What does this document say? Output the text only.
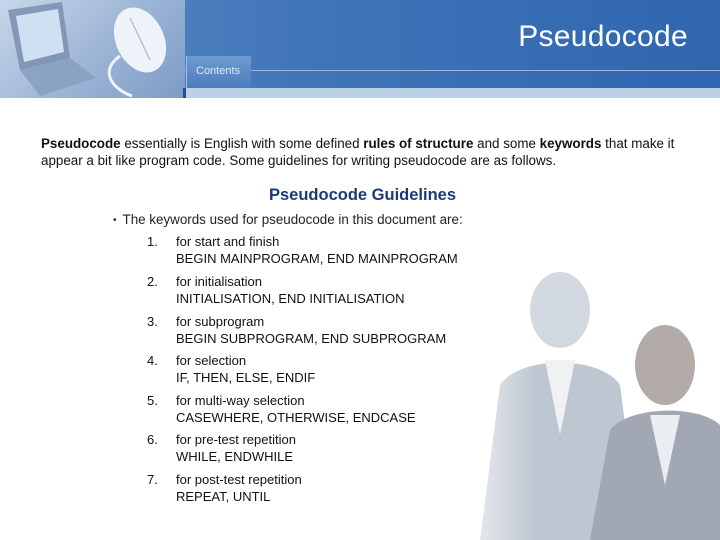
Contents
Pseudocode
Pseudocode essentially is English with some defined rules of structure and some keywords that make it appear a bit like program code. Some guidelines for writing pseudocode are as follows.
Pseudocode Guidelines
• The keywords used for pseudocode in this document are:
1.	for start and finish
BEGIN MAINPROGRAM, END MAINPROGRAM
2.	for initialisation
INITIALISATION, END INITIALISATION
3.	for subprogram
BEGIN SUBPROGRAM, END SUBPROGRAM
4.	for selection
IF, THEN, ELSE, ENDIF
5.	for multi-way selection
CASEWHERE, OTHERWISE, ENDCASE
6.	for pre-test repetition
WHILE, ENDWHILE
7.	for post-test repetition
REPEAT, UNTIL
